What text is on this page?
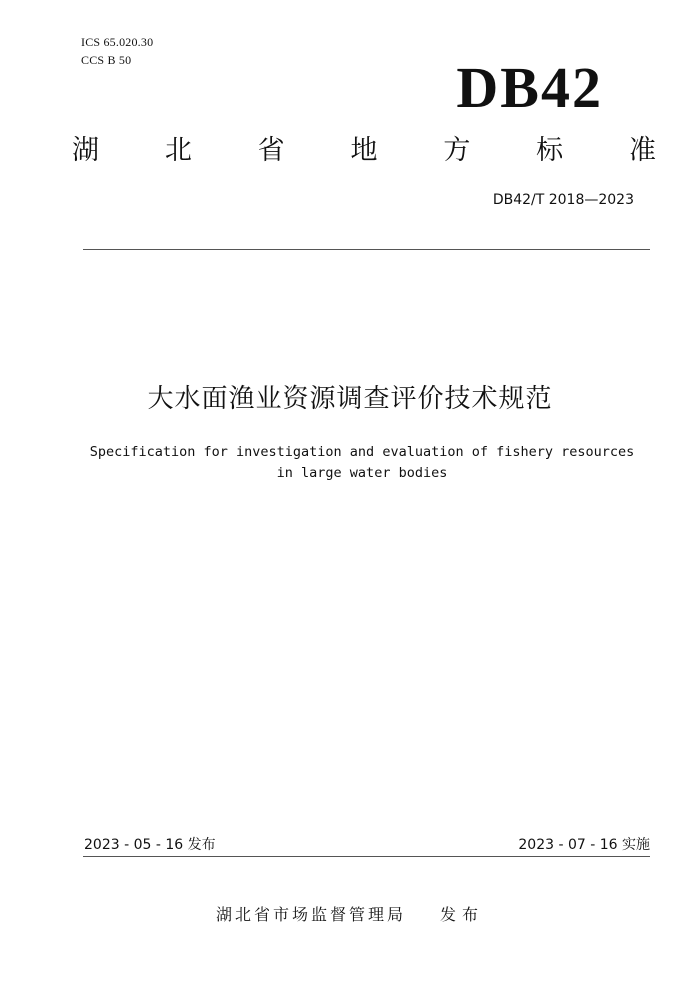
ICS 65.020.30
CCS B 50	DB42
湖 北 省 地 方 标 准
DB42/T 2018—2023
大水面渔业资源调查评价技术规范
Specification for investigation and evaluation of fishery resources
in large water bodies
2023 - 05 - 16 发布	2023 - 07 - 16 实施
湖北省市场监督管理局 发布
